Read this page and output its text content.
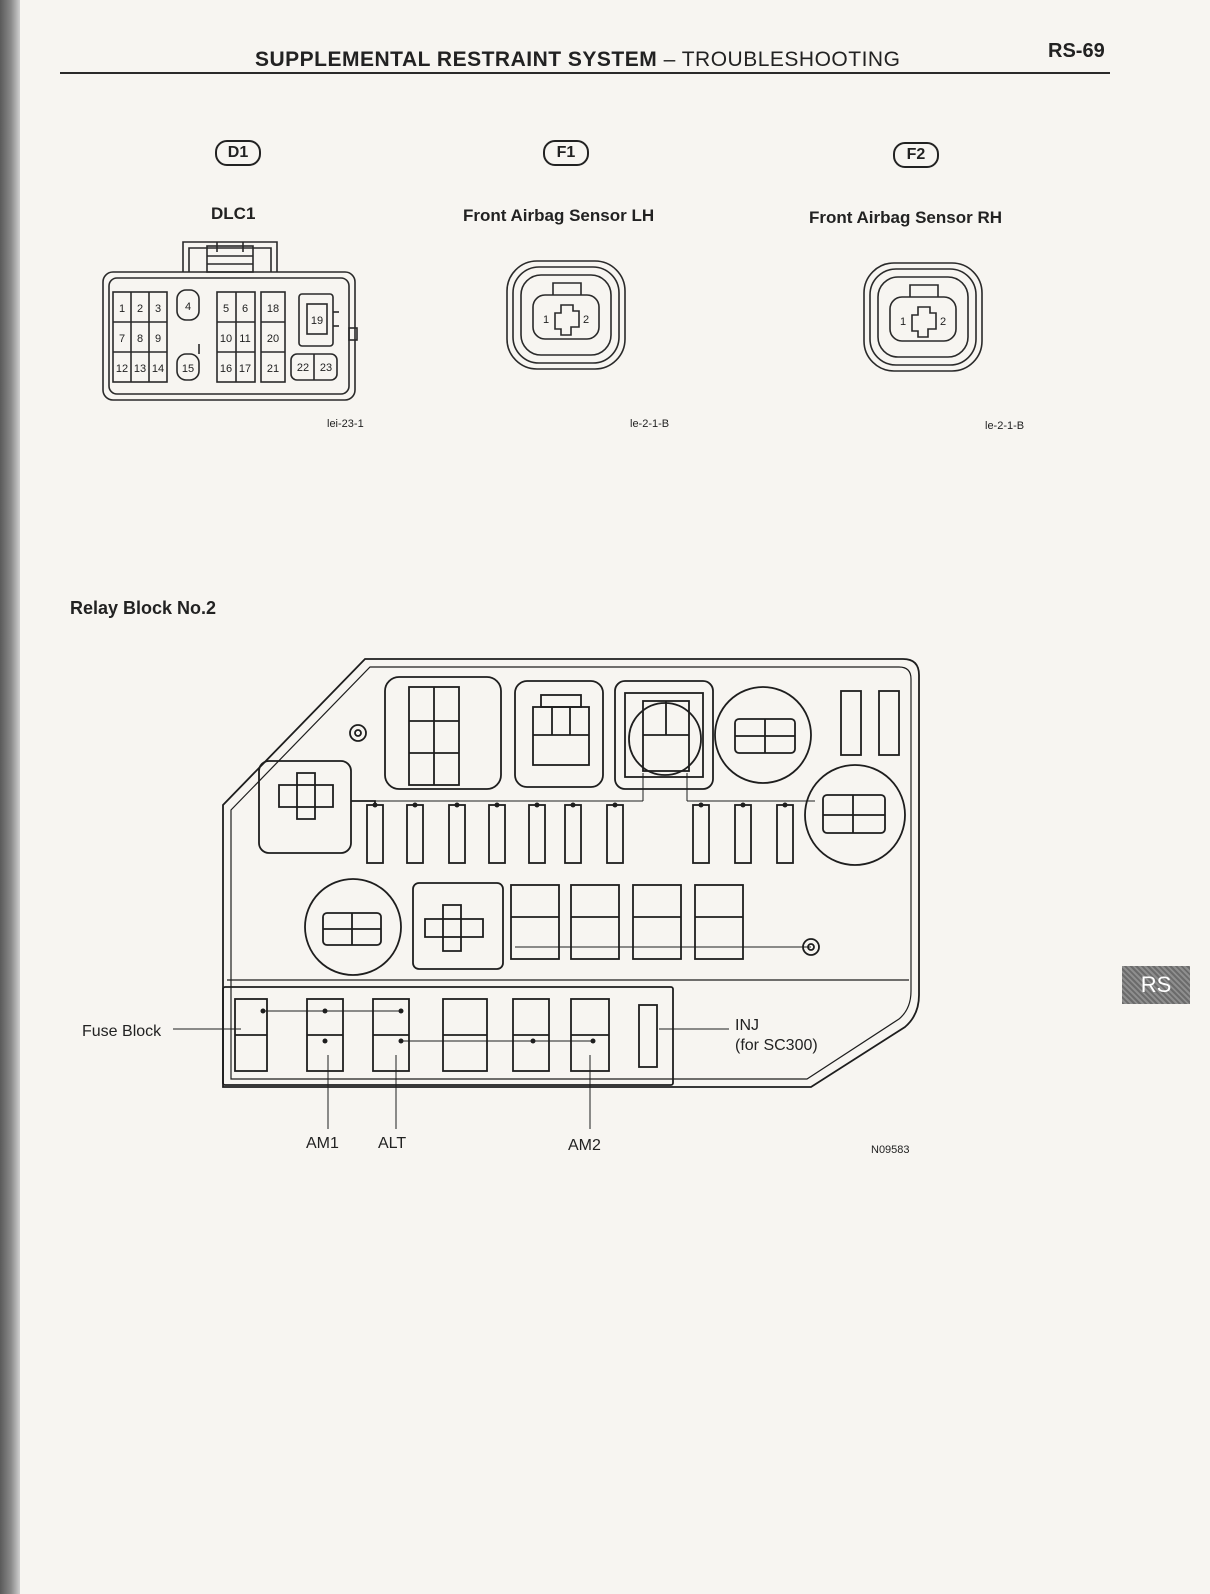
SUPPLEMENTAL RESTRAINT SYSTEM – TROUBLESHOOTING	RS-69
D1	F1	F2
DLC1	Front Airbag Sensor LH	Front Airbag Sensor RH
1 2 3 4	5 6 18
7 8 9	10 11 20
19
12 13 14 15 16 17 21 22 23
1	2	1	2
lei-23-1	le-2-1-B	le-2-1-B
Relay Block No.2
Fuse Block	INJ
(for SC300)
AM1 ALT	AM2	N09583
RS
